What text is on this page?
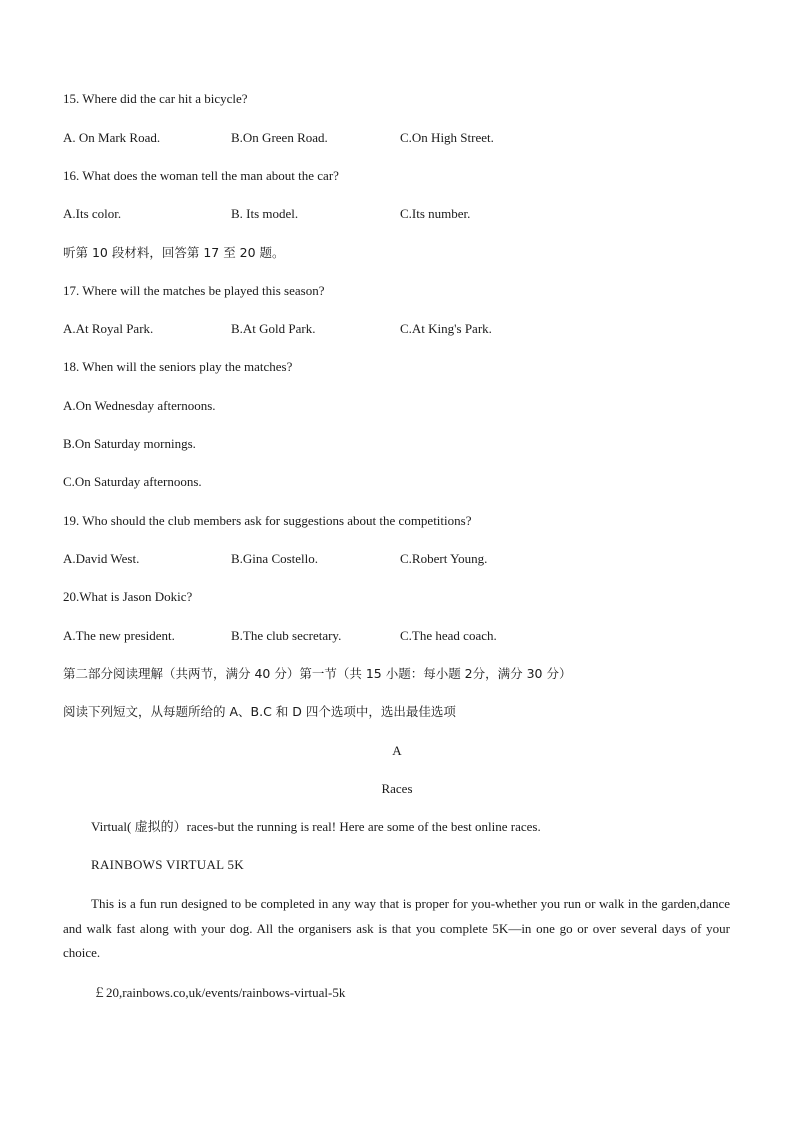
15. Where did the car hit a bicycle?
A. On Mark Road.	B.On Green Road.	C.On High Street.
16. What does the woman tell the man about the car?
A.Its color.	B. Its model.	C.Its number.
听第 10 段材料，回答第 17 至 20 题。
17. Where will the matches be played this season?
A.At Royal Park.	B.At Gold Park.	C.At King's Park.
18. When will the seniors play the matches?
A.On Wednesday afternoons.
B.On Saturday mornings.
C.On Saturday afternoons.
19. Who should the club members ask for suggestions about the competitions?
A.David West.	B.Gina Costello.	C.Robert Young.
20.What is Jason Dokic?
A.The new president.	B.The club secretary.	C.The head coach.
第二部分阅读理解（共两节，满分 40 分）第一节（共 15 小题：每小题 2分，满分 30 分）
阅读下列短文，从每题所给的 A、B.C 和 D 四个选项中，选出最佳选项
A
Races
Virtual( 虚拟的）races-but the running is real! Here are some of the best online races.
RAINBOWS VIRTUAL 5K
This is a fun run designed to be completed in any way that is proper for you-whether you run or walk in the garden,dance and walk fast along with your dog. All the organisers ask is that you complete 5K—in one go or over several days of your choice.
￡20,rainbows.co,uk/events/rainbows-virtual-5k
